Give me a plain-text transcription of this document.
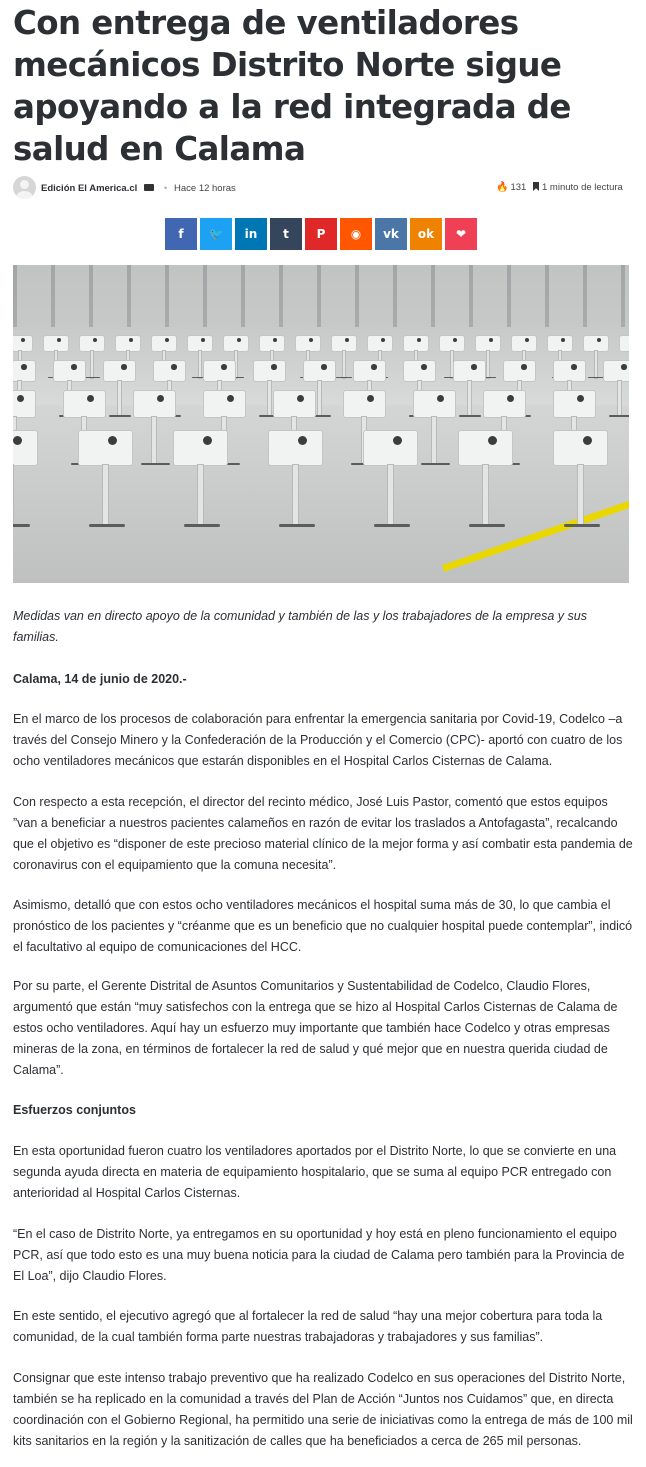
Con entrega de ventiladores mecánicos Distrito Norte sigue apoyando a la red integrada de salud en Calama
Edición El America.cl	• Hace 12 horas	🔥 131	1 minuto de lectura
f 🐦 in t P ◉ vk ok ❤

Medidas van en directo apoyo de la comunidad y también de las y los trabajadores de la empresa y sus familias.

Calama, 14 de junio de 2020.-

En el marco de los procesos de colaboración para enfrentar la emergencia sanitaria por Covid-19, Codelco –a través del Consejo Minero y la Confederación de la Producción y el Comercio (CPC)- aportó con cuatro de los ocho ventiladores mecánicos que estarán disponibles en el Hospital Carlos Cisternas de Calama.

Con respecto a esta recepción, el director del recinto médico, José Luis Pastor, comentó que estos equipos ”van a beneficiar a nuestros pacientes calameños en razón de evitar los traslados a Antofagasta”, recalcando que el objetivo es “disponer de este precioso material clínico de la mejor forma y así combatir esta pandemia de coronavirus con el equipamiento que la comuna necesita”.

Asimismo, detalló que con estos ocho ventiladores mecánicos el hospital suma más de 30, lo que cambia el pronóstico de los pacientes y “créanme que es un beneficio que no cualquier hospital puede contemplar”, indicó el facultativo al equipo de comunicaciones del HCC.

Por su parte, el Gerente Distrital de Asuntos Comunitarios y Sustentabilidad de Codelco, Claudio Flores, argumentó que están “muy satisfechos con la entrega que se hizo al Hospital Carlos Cisternas de Calama de estos ocho ventiladores. Aquí hay un esfuerzo muy importante que también hace Codelco y otras empresas mineras de la zona, en términos de fortalecer la red de salud y qué mejor que en nuestra querida ciudad de Calama”.

Esfuerzos conjuntos

En esta oportunidad fueron cuatro los ventiladores aportados por el Distrito Norte, lo que se convierte en una segunda ayuda directa en materia de equipamiento hospitalario, que se suma al equipo PCR entregado con anterioridad al Hospital Carlos Cisternas.

“En el caso de Distrito Norte, ya entregamos en su oportunidad y hoy está en pleno funcionamiento el equipo PCR, así que todo esto es una muy buena noticia para la ciudad de Calama pero también para la Provincia de El Loa”, dijo Claudio Flores.

En este sentido, el ejecutivo agregó que al fortalecer la red de salud “hay una mejor cobertura para toda la comunidad, de la cual también forma parte nuestras trabajadoras y trabajadores y sus familias”.

Consignar que este intenso trabajo preventivo que ha realizado Codelco en sus operaciones del Distrito Norte, también se ha replicado en la comunidad a través del Plan de Acción “Juntos nos Cuidamos” que, en directa coordinación con el Gobierno Regional, ha permitido una serie de iniciativas como la entrega de más de 100 mil kits sanitarios en la región y la sanitización de calles que ha beneficiados a cerca de 265 mil personas.
